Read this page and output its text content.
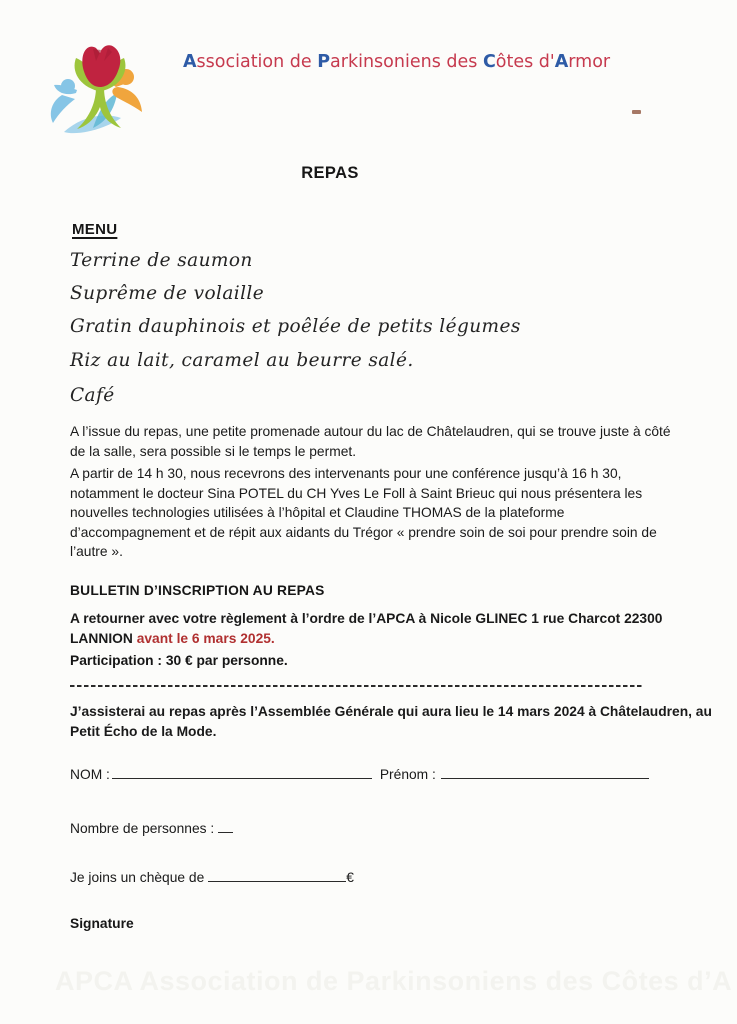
Association de Parkinsoniens des Côtes d'Armor
REPAS
MENU
Terrine de saumon
Suprême de volaille
Gratin dauphinois et poêlée de petits légumes
Riz au lait, caramel au beurre salé.
Café
A l’issue du repas, une petite promenade autour du lac de Châtelaudren, qui se trouve juste à côté
de la salle, sera possible si le temps le permet.
A partir de 14 h 30, nous recevrons des intervenants pour une conférence jusqu’à 16 h 30,
notamment le docteur Sina POTEL du CH Yves Le Foll à Saint Brieuc qui nous présentera les
nouvelles technologies utilisées à l’hôpital et Claudine THOMAS de la plateforme
d’accompagnement et de répit aux aidants du Trégor « prendre soin de soi pour prendre soin de
l’autre ».
BULLETIN D’INSCRIPTION AU REPAS
A retourner avec votre règlement à l’ordre de l’APCA à Nicole GLINEC 1 rue Charcot 22300
LANNION avant le 6 mars 2025.
Participation : 30 € par personne.
J’assisterai au repas après l’Assemblée Générale qui aura lieu le 14 mars 2024 à Châtelaudren, au
Petit Écho de la Mode.
NOM :	Prénom :
Nombre de personnes :
Je joins un chèque de	€
Signature
APCA Association de Parkinsoniens des Côtes d’A
